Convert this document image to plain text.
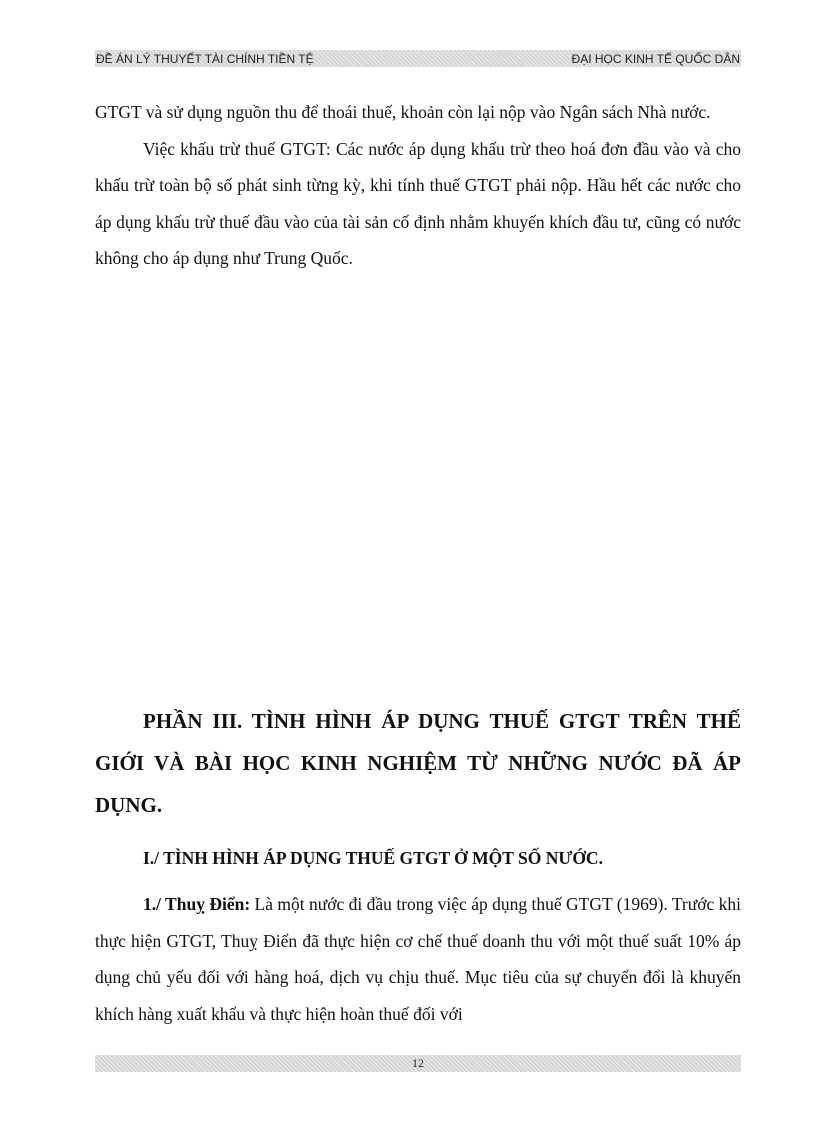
ĐỀ ÁN LÝ THUYẾT TÀI CHÍNH TIỀN TỆ	ĐẠI HỌC KINH TẾ QUỐC DÂN

GTGT và sử dụng nguồn thu để thoái thuế, khoản còn lại nộp vào Ngân sách Nhà nước.

Việc khấu trừ thuế GTGT: Các nước áp dụng khấu trừ theo hoá đơn đầu vào và cho khấu trừ toàn bộ số phát sinh từng kỳ, khi tính thuế GTGT phải nộp. Hầu hết các nước cho áp dụng khấu trừ thuế đầu vào của tài sản cố định nhằm khuyến khích đầu tư, cũng có nước không cho áp dụng như Trung Quốc.

PHẦN III. TÌNH HÌNH ÁP DỤNG THUẾ GTGT TRÊN THẾ GIỚI VÀ BÀI HỌC KINH NGHIỆM TỪ NHỮNG NƯỚC ĐÃ ÁP DỤNG.
I./ TÌNH HÌNH ÁP DỤNG THUẾ GTGT Ở MỘT SỐ NƯỚC.

1./ Thuỵ Điển: Là một nước đi đầu trong việc áp dụng thuế GTGT (1969). Trước khi thực hiện GTGT, Thuỵ Điển đã thực hiện cơ chế thuế doanh thu với một thuế suất 10% áp dụng chủ yếu đối với hàng hoá, dịch vụ chịu thuế. Mục tiêu của sự chuyển đổi là khuyến khích hàng xuất khẩu và thực hiện hoàn thuế đối với

12
